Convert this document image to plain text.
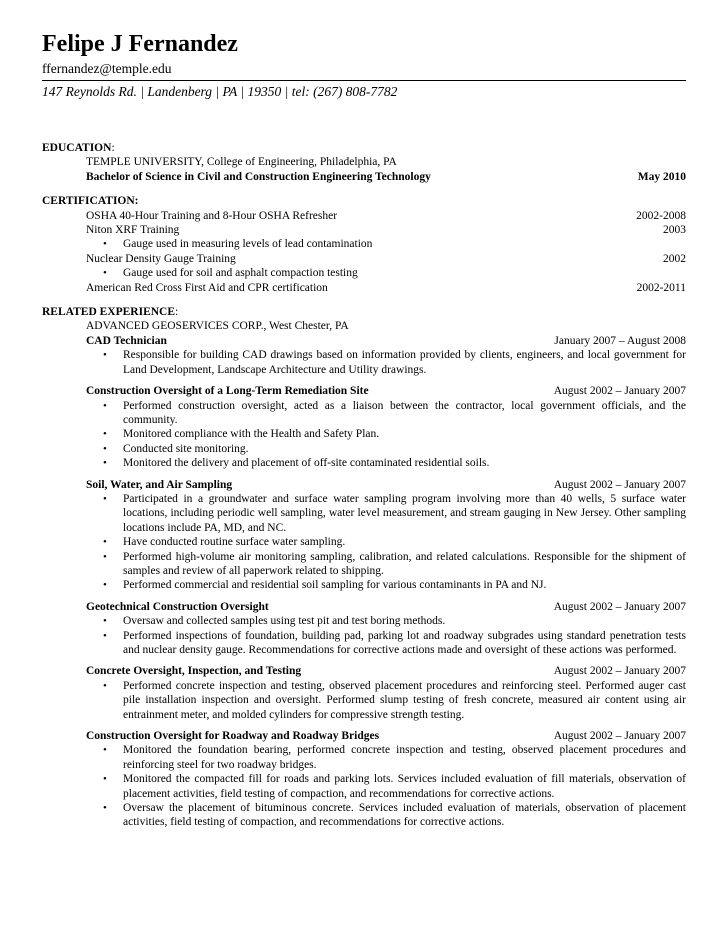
Felipe J Fernandez
ffernandez@temple.edu
147 Reynolds Rd. | Landenberg | PA | 19350 | tel: (267) 808-7782
EDUCATION:
TEMPLE UNIVERSITY, College of Engineering, Philadelphia, PA
Bachelor of Science in Civil and Construction Engineering Technology	May 2010
CERTIFICATION:
OSHA 40-Hour Training and 8-Hour OSHA Refresher	2002-2008
Niton XRF Training	2003
• Gauge used in measuring levels of lead contamination
Nuclear Density Gauge Training	2002
• Gauge used for soil and asphalt compaction testing
American Red Cross First Aid and CPR certification	2002-2011
RELATED EXPERIENCE:
ADVANCED GEOSERVICES CORP., West Chester, PA
CAD Technician	January 2007 – August 2008
• Responsible for building CAD drawings based on information provided by clients, engineers, and local government for Land Development, Landscape Architecture and Utility drawings.
Construction Oversight of a Long-Term Remediation Site	August 2002 – January 2007
• Performed construction oversight, acted as a liaison between the contractor, local government officials, and the community.
• Monitored compliance with the Health and Safety Plan.
• Conducted site monitoring.
• Monitored the delivery and placement of off-site contaminated residential soils.
Soil, Water, and Air Sampling	August 2002 – January 2007
• Participated in a groundwater and surface water sampling program involving more than 40 wells, 5 surface water locations, including periodic well sampling, water level measurement, and stream gauging in New Jersey. Other sampling locations include PA, MD, and NC.
• Have conducted routine surface water sampling.
• Performed high-volume air monitoring sampling, calibration, and related calculations. Responsible for the shipment of samples and review of all paperwork related to shipping.
• Performed commercial and residential soil sampling for various contaminants in PA and NJ.
Geotechnical Construction Oversight	August 2002 – January 2007
• Oversaw and collected samples using test pit and test boring methods.
• Performed inspections of foundation, building pad, parking lot and roadway subgrades using standard penetration tests and nuclear density gauge. Recommendations for corrective actions made and oversight of these actions was performed.
Concrete Oversight, Inspection, and Testing	August 2002 – January 2007
• Performed concrete inspection and testing, observed placement procedures and reinforcing steel. Performed auger cast pile installation inspection and oversight. Performed slump testing of fresh concrete, measured air content using air entrainment meter, and molded cylinders for compressive strength testing.
Construction Oversight for Roadway and Roadway Bridges	August 2002 – January 2007
• Monitored the foundation bearing, performed concrete inspection and testing, observed placement procedures and reinforcing steel for two roadway bridges.
• Monitored the compacted fill for roads and parking lots. Services included evaluation of fill materials, observation of placement activities, field testing of compaction, and recommendations for corrective actions.
• Oversaw the placement of bituminous concrete. Services included evaluation of materials, observation of placement activities, field testing of compaction, and recommendations for corrective actions.
